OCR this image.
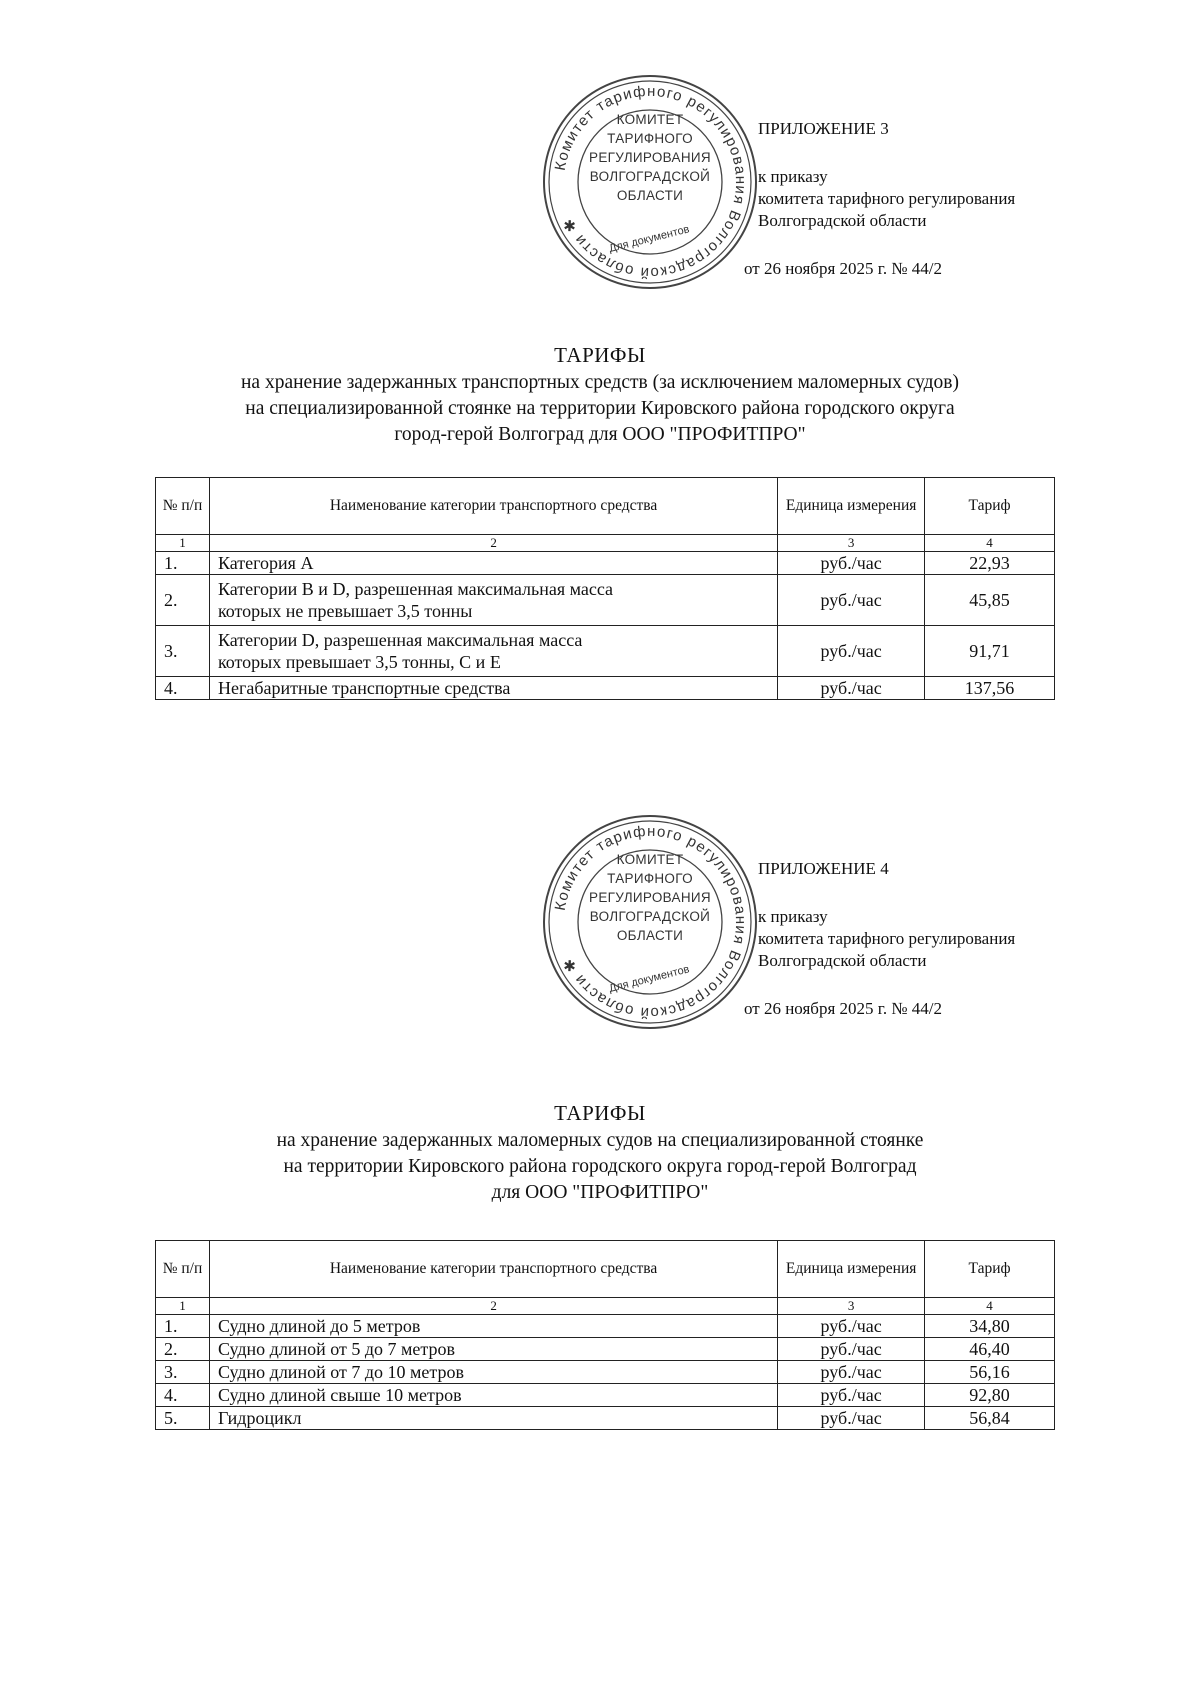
Комитет тарифного регулирования Волгоградской области ✱	Для документов
КОМИТЕТ
ТАРИФНОГО
РЕГУЛИРОВАНИЯ
ВОЛГОГРАДСКОЙ
ОБЛАСТИ
ПРИЛОЖЕНИЕ 3
к приказу
комитета тарифного регулирования
Волгоградской области
от 26 ноября 2025 г. № 44/2
ТАРИФЫ
на хранение задержанных транспортных средств (за исключением маломерных судов)
на специализированной стоянке на территории Кировского района городского округа
город-герой Волгоград для ООО "ПРОФИТПРО"
№ п/п	Наименование категории транспортного средства	Единица измерения	Тариф
1	2	3	4
1.	Категория А	руб./час	22,93
2.	Категории B и D, разрешенная максимальная масса
которых не превышает 3,5 тонны	руб./час	45,85
3.	Категории D, разрешенная максимальная масса
которых превышает 3,5 тонны, C и E	руб./час	91,71
4.	Негабаритные транспортные средства	руб./час	137,56
Комитет тарифного регулирования Волгоградской области ✱	Для документов
КОМИТЕТ
ТАРИФНОГО
РЕГУЛИРОВАНИЯ
ВОЛГОГРАДСКОЙ
ОБЛАСТИ
ПРИЛОЖЕНИЕ 4
к приказу
комитета тарифного регулирования
Волгоградской области
от 26 ноября 2025 г. № 44/2
ТАРИФЫ
на хранение задержанных маломерных судов на специализированной стоянке
на территории Кировского района городского округа город-герой Волгоград
для ООО "ПРОФИТПРО"
№ п/п	Наименование категории транспортного средства	Единица измерения	Тариф
1	2	3	4
1.	Судно длиной до 5 метров	руб./час	34,80
2.	Судно длиной от 5 до 7 метров	руб./час	46,40
3.	Судно длиной от 7 до 10 метров	руб./час	56,16
4.	Судно длиной свыше 10 метров	руб./час	92,80
5.	Гидроцикл	руб./час	56,84
